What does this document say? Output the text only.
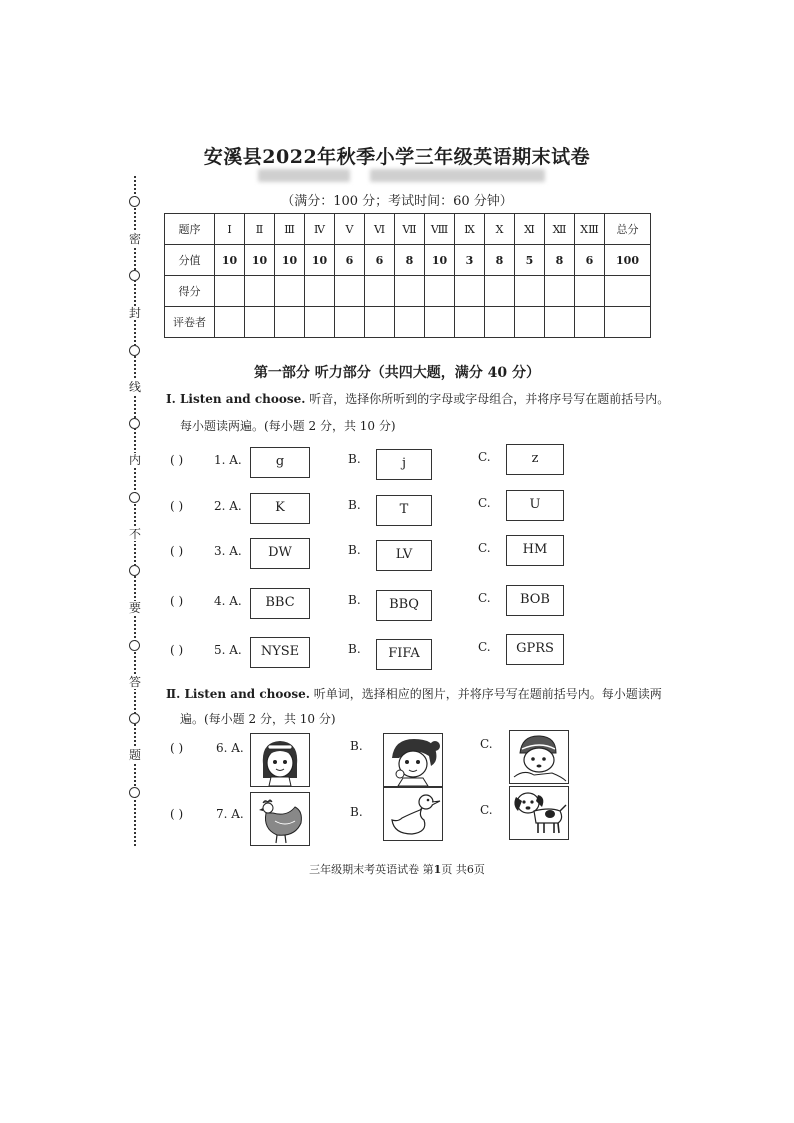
密
封
线
内
不
要
答
题
安溪县2022年秋季小学三年级英语期末试卷
（满分：100 分；考试时间：60 分钟）
题序	Ⅰ	Ⅱ	Ⅲ	Ⅳ	Ⅴ	Ⅵ	Ⅶ	Ⅷ	Ⅸ	Ⅹ	Ⅺ	Ⅻ	XⅢ	总分
分值	10	10	10	10	6	6	8	10	3	8	5	8	6	100
得分														
评卷者														
第一部分 听力部分（共四大题，满分 40 分）
Ⅰ. Listen and choose. 听音，选择你所听到的字母或字母组合，并将序号写在题前括号内。
每小题读两遍。(每小题 2 分，共 10 分)
( )	1. A.	B.	C.
g	j	z
( )	2. A.	B.	C.
K	T	U
( )	3. A.	B.	C.
DW	LV	HM
( )	4. A.	B.	C.
BBC	BBQ	BOB
( )	5. A.	B.	C.
NYSE	FIFA	GPRS
Ⅱ. Listen and choose. 听单词，选择相应的图片，并将序号写在题前括号内。每小题读两
遍。(每小题 2 分，共 10 分)
( )	6. A.	B.	C.
( )	7. A.	B.	C.
三年级期末考英语试卷 第1页 共6页
